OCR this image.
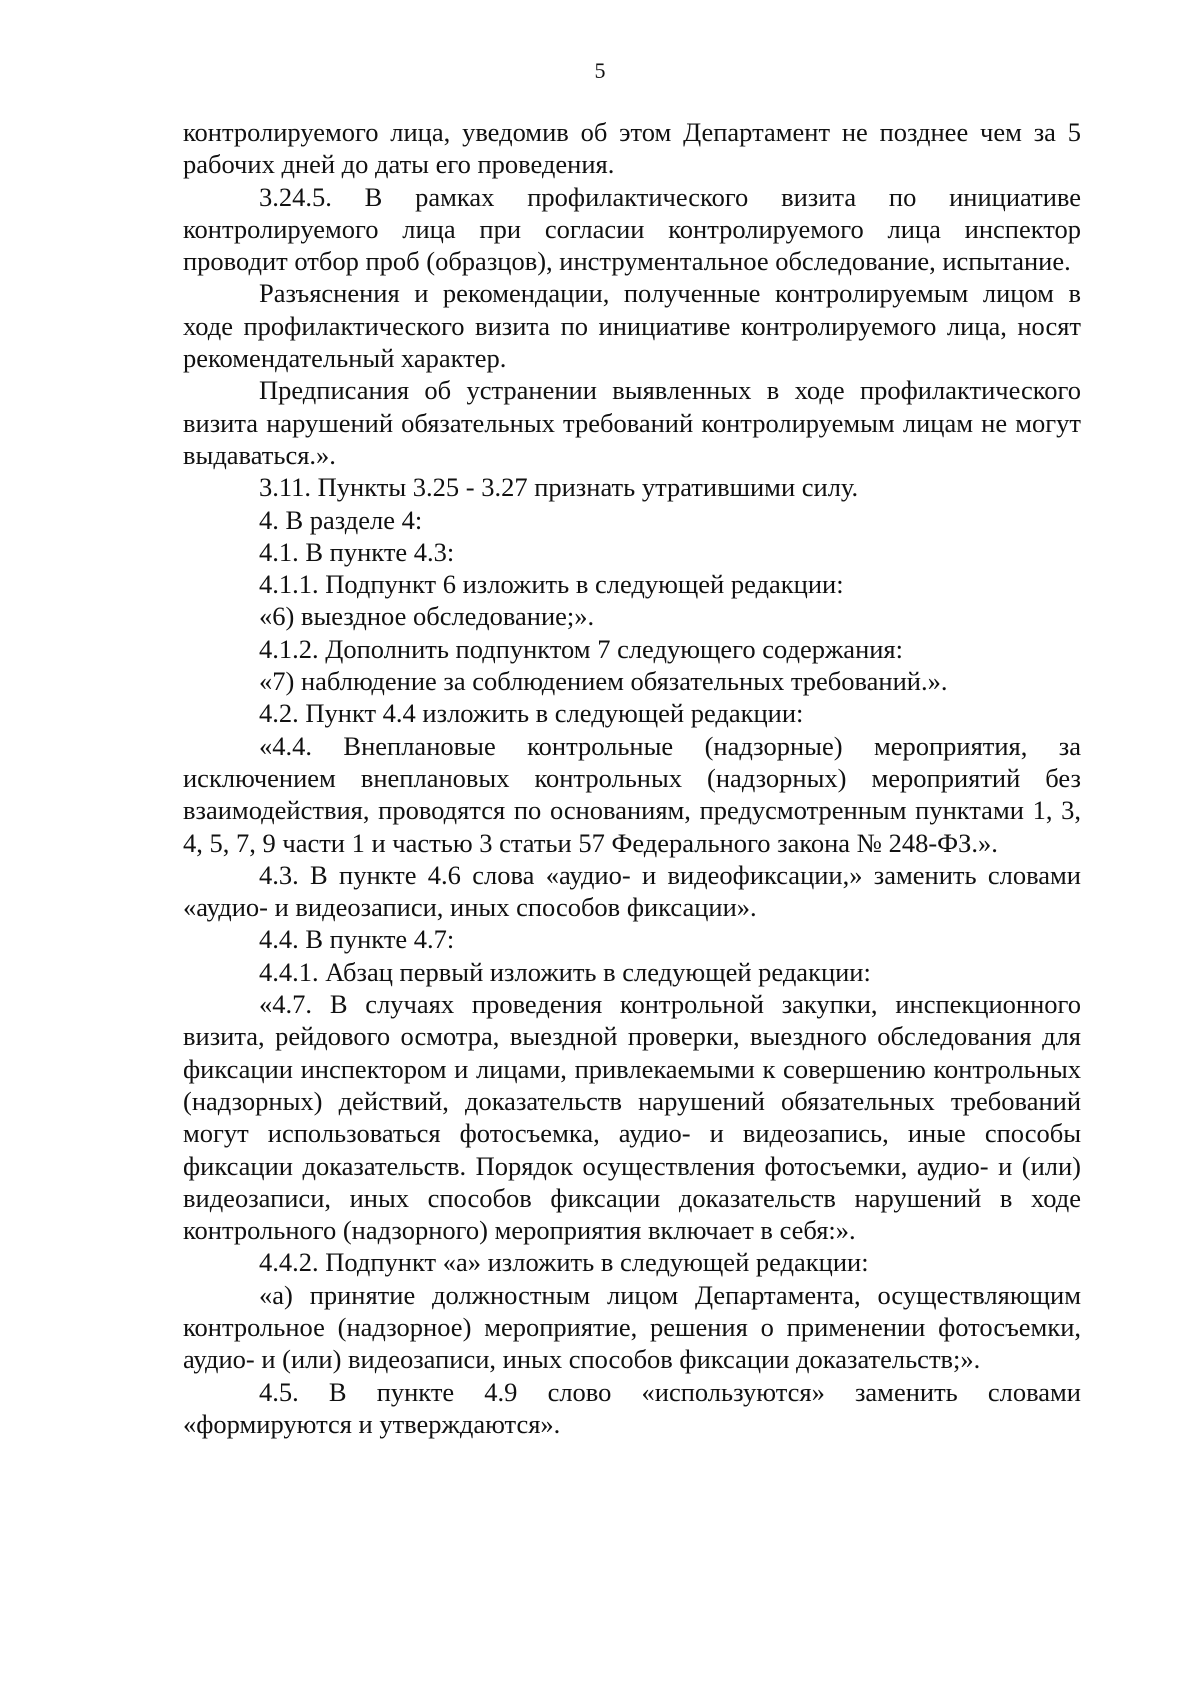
5

контролируемого лица, уведомив об этом Департамент не позднее чем за 5 рабочих дней до даты его проведения.

3.24.5. В рамках профилактического визита по инициативе контролируемого лица при согласии контролируемого лица инспектор проводит отбор проб (образцов), инструментальное обследование, испытание.

Разъяснения и рекомендации, полученные контролируемым лицом в ходе профилактического визита по инициативе контролируемого лица, носят рекомендательный характер.

Предписания об устранении выявленных в ходе профилактического визита нарушений обязательных требований контролируемым лицам не могут выдаваться.».

3.11. Пункты 3.25 - 3.27 признать утратившими силу.

4. В разделе 4:

4.1. В пункте 4.3:

4.1.1. Подпункт 6 изложить в следующей редакции:

«6) выездное обследование;».

4.1.2. Дополнить подпунктом 7 следующего содержания:

«7) наблюдение за соблюдением обязательных требований.».

4.2. Пункт 4.4 изложить в следующей редакции:

«4.4. Внеплановые контрольные (надзорные) мероприятия, за исключением внеплановых контрольных (надзорных) мероприятий без взаимодействия, проводятся по основаниям, предусмотренным пунктами 1, 3, 4, 5, 7, 9 части 1 и частью 3 статьи 57 Федерального закона № 248-ФЗ.».

4.3. В пункте 4.6 слова «аудио- и видеофиксации,» заменить словами «аудио- и видеозаписи, иных способов фиксации».

4.4. В пункте 4.7:

4.4.1. Абзац первый изложить в следующей редакции:

«4.7. В случаях проведения контрольной закупки, инспекционного визита, рейдового осмотра, выездной проверки, выездного обследования для фиксации инспектором и лицами, привлекаемыми к совершению контрольных (надзорных) действий, доказательств нарушений обязательных требований могут использоваться фотосъемка, аудио- и видеозапись, иные способы фиксации доказательств. Порядок осуществления фотосъемки, аудио- и (или) видеозаписи, иных способов фиксации доказательств нарушений в ходе контрольного (надзорного) мероприятия включает в себя:».

4.4.2. Подпункт «а» изложить в следующей редакции:

«а) принятие должностным лицом Департамента, осуществляющим контрольное (надзорное) мероприятие, решения о применении фотосъемки, аудио- и (или) видеозаписи, иных способов фиксации доказательств;».

4.5. В пункте 4.9 слово «используются» заменить словами «формируются и утверждаются».
